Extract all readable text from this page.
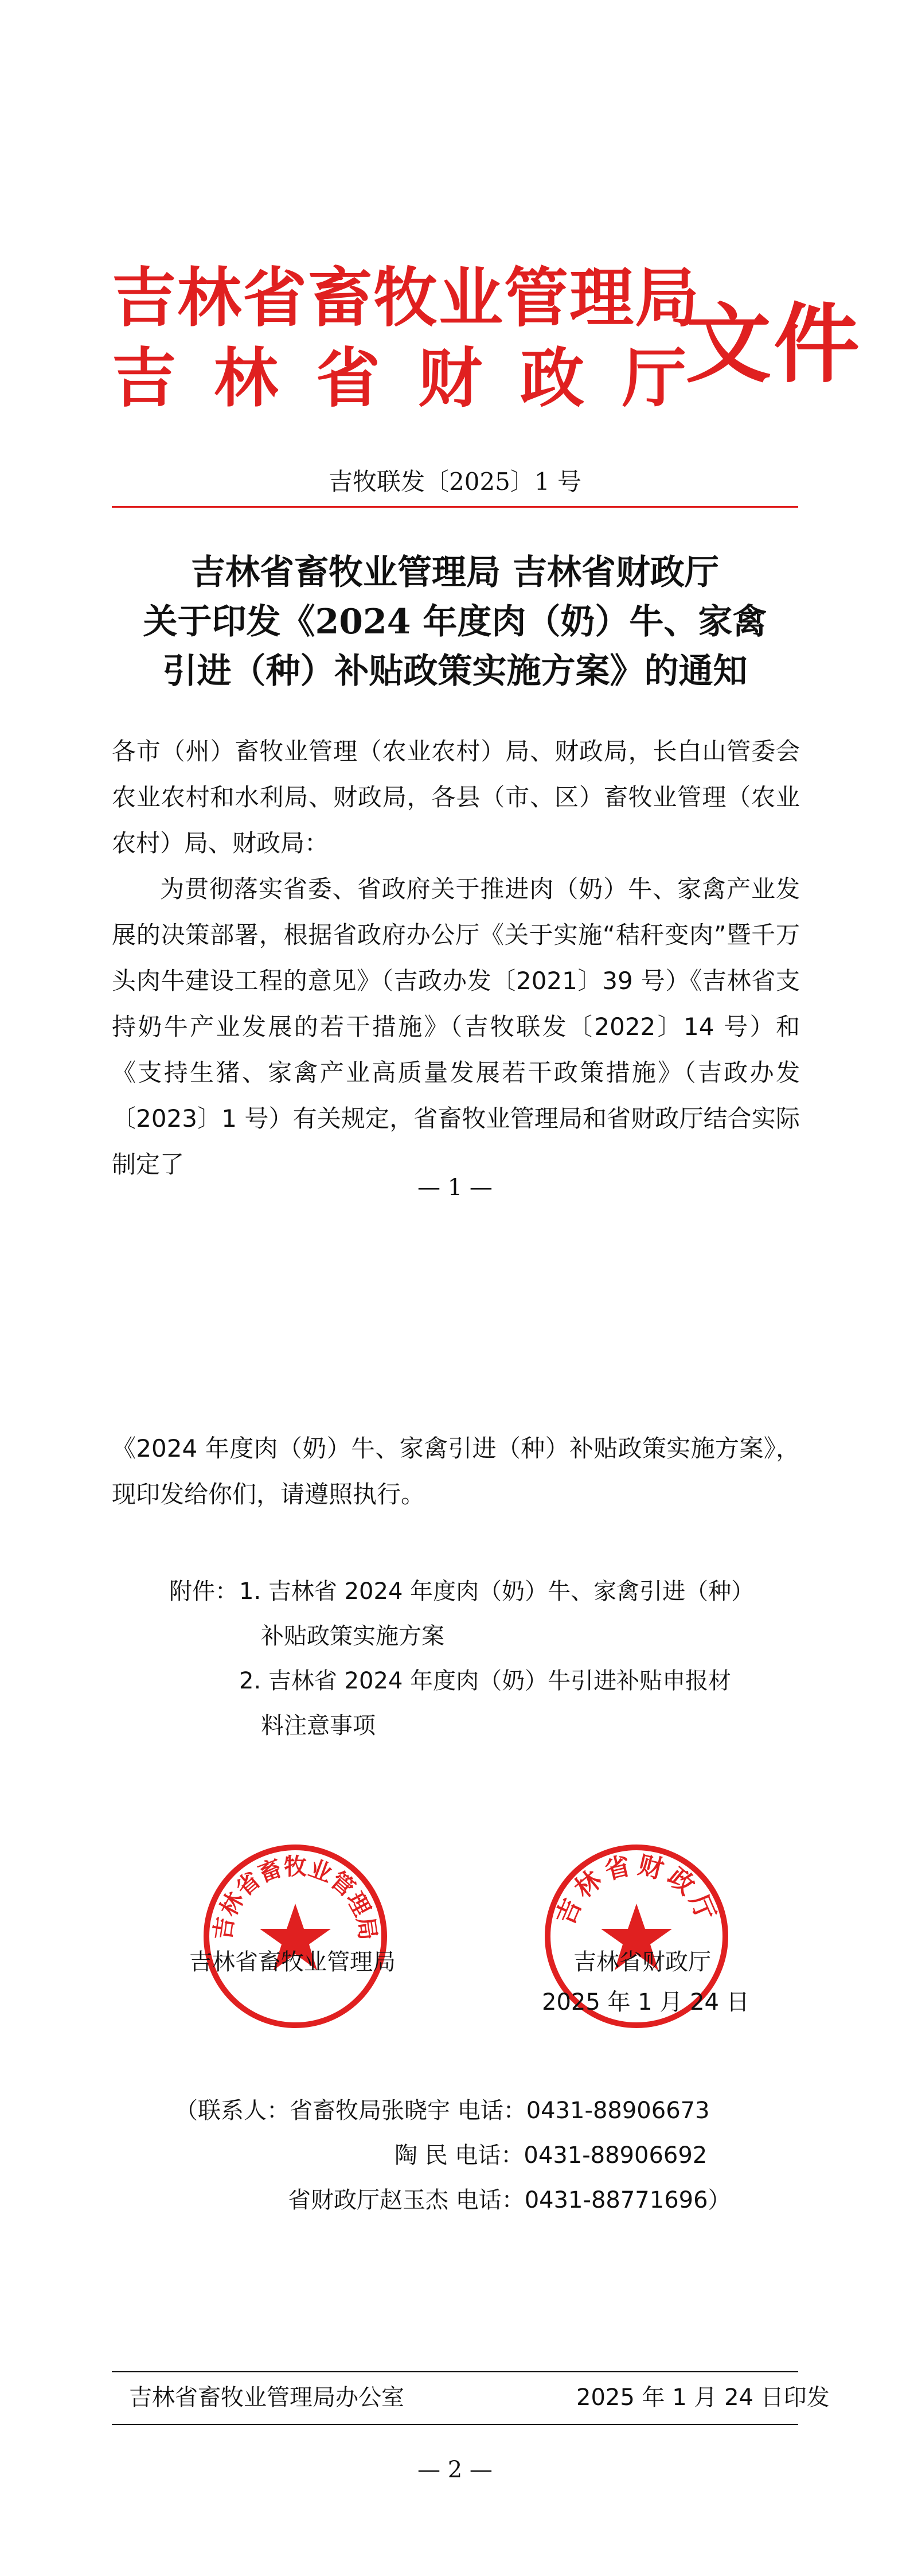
吉林省畜牧业管理局
吉林省财政厅
文件
吉牧联发〔2025〕1 号
吉林省畜牧业管理局 吉林省财政厅
关于印发《2024 年度肉（奶）牛、家禽
引进（种）补贴政策实施方案》的通知

各市（州）畜牧业管理（农业农村）局、财政局，长白山管委会农业农村和水利局、财政局，各县（市、区）畜牧业管理（农业农村）局、财政局：

为贯彻落实省委、省政府关于推进肉（奶）牛、家禽产业发展的决策部署，根据省政府办公厅《关于实施“秸秆变肉”暨千万头肉牛建设工程的意见》（吉政办发〔2021〕39 号）《吉林省支持奶牛产业发展的若干措施》（吉牧联发〔2022〕14 号）和《支持生猪、家禽产业高质量发展若干政策措施》（吉政办发〔2023〕1 号）有关规定，省畜牧业管理局和省财政厅结合实际制定了

— 1 —

《2024 年度肉（奶）牛、家禽引进（种）补贴政策实施方案》，现印发给你们，请遵照执行。

附件： 1. 吉林省 2024 年度肉（奶）牛、家禽引进（种）
补贴政策实施方案
2. 吉林省 2024 年度肉（奶）牛引进补贴申报材
料注意事项
吉林省畜牧业管理局	吉林省财政厅
吉林省畜牧业管理局	吉林省财政厅
2025 年 1 月 24 日
（联系人：省畜牧局张晓宇 电话：0431-88906673
陶 民 电话：0431-88906692
省财政厅赵玉杰 电话：0431-88771696）
吉林省畜牧业管理局办公室	2025 年 1 月 24 日印发
— 2 —
